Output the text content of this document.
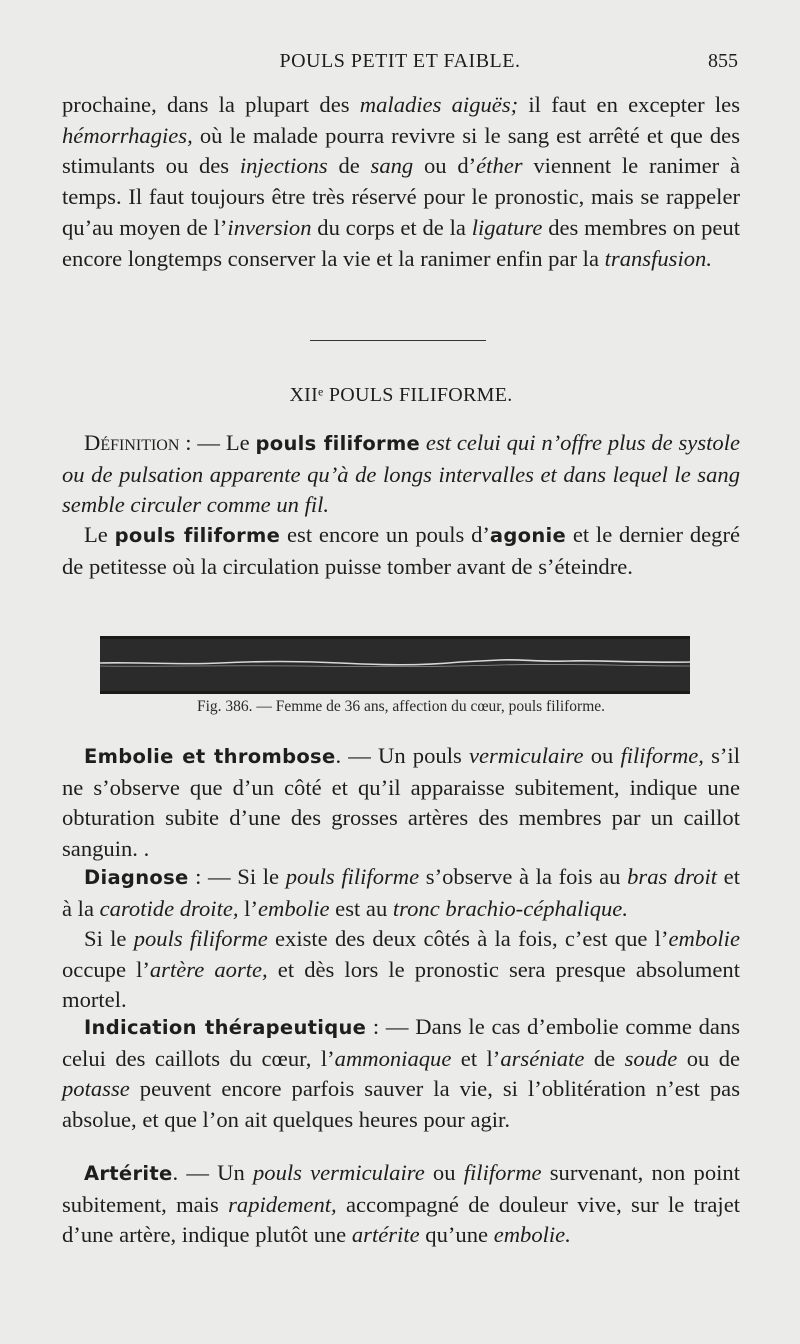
POULS PETIT ET FAIBLE.	855

prochaine, dans la plupart des maladies aiguës; il faut en excepter les hémorrhagies, où le malade pourra revivre si le sang est arrêté et que des stimulants ou des injections de sang ou d’éther viennent le ranimer à temps. Il faut toujours être très réservé pour le pronostic, mais se rappeler qu’au moyen de l’inversion du corps et de la ligature des membres on peut encore longtemps conserver la vie et la ranimer enfin par la transfusion.

XIIᵉ POULS FILIFORME.

Définition : — Le pouls filiforme est celui qui n’offre plus de systole ou de pulsation apparente qu’à de longs intervalles et dans lequel le sang semble circuler comme un fil.

Le pouls filiforme est encore un pouls d’agonie et le dernier degré de petitesse où la circulation puisse tomber avant de s’éteindre.

Fig. 386. — Femme de 36 ans, affection du cœur, pouls filiforme.

Embolie et thrombose. — Un pouls vermiculaire ou filiforme, s’il ne s’observe que d’un côté et qu’il apparaisse subitement, indique une obturation subite d’une des grosses artères des membres par un caillot sanguin. .

Diagnose : — Si le pouls filiforme s’observe à la fois au bras droit et à la carotide droite, l’embolie est au tronc brachio-céphalique.

Si le pouls filiforme existe des deux côtés à la fois, c’est que l’embolie occupe l’artère aorte, et dès lors le pronostic sera presque absolument mortel.

Indication thérapeutique : — Dans le cas d’embolie comme dans celui des caillots du cœur, l’ammoniaque et l’arséniate de soude ou de potasse peuvent encore parfois sauver la vie, si l’oblitération n’est pas absolue, et que l’on ait quelques heures pour agir.

Artérite. — Un pouls vermiculaire ou filiforme survenant, non point subitement, mais rapidement, accompagné de douleur vive, sur le trajet d’une artère, indique plutôt une artérite qu’une embolie.
